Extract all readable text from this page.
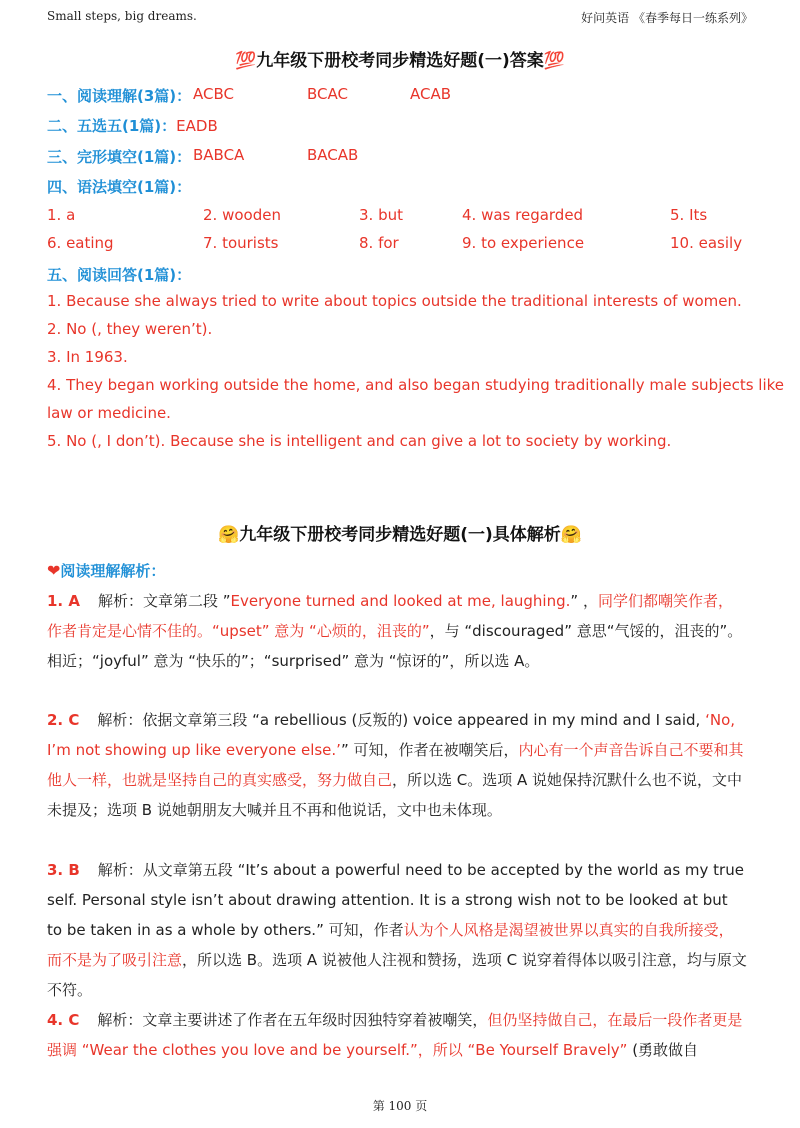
Small steps, big dreams.	好问英语 《春季每日一练系列》
💯九年级下册校考同步精选好题(一)答案💯
一、阅读理解(3篇)： ACBC	BCAC	ACAB
二、五选五(1篇)：EADB
三、完形填空(1篇)： BABCA	BACAB
四、语法填空(1篇)：
1. a	2. wooden	3. but	4. was regarded	5. Its
6. eating	7. tourists	8. for	9. to experience	10. easily
五、阅读回答(1篇)：
1. Because she always tried to write about topics outside the traditional interests of women.
2. No (, they weren’t).
3. In 1963.
4. They began working outside the home, and also began studying traditionally male subjects like
law or medicine.
5. No (, I don’t). Because she is intelligent and can give a lot to society by working.
🤗九年级下册校考同步精选好题(一)具体解析🤗
❤阅读理解解析：
1. A 解析：文章第二段 ”Everyone turned and looked at me, laughing.” ，同学们都嘲笑作者，作者肯定是心情不佳的。“upset” 意为 “心烦的，沮丧的”，与 “discouraged” 意思“气馁的，沮丧的”。相近；“joyful” 意为 “快乐的”；“surprised” 意为 “惊讶的”，所以选 A。
2. C 解析：依据文章第三段 “a rebellious (反叛的) voice appeared in my mind and I said, ‘No, I’m not showing up like everyone else.’” 可知，作者在被嘲笑后，内心有一个声音告诉自己不要和其他人一样，也就是坚持自己的真实感受，努力做自己，所以选 C。选项 A 说她保持沉默什么也不说，文中未提及；选项 B 说她朝朋友大喊并且不再和他说话，文中也未体现。
3. B 解析：从文章第五段 “It’s about a powerful need to be accepted by the world as my true self. Personal style isn’t about drawing attention. It is a strong wish not to be looked at but to be taken in as a whole by others.” 可知，作者认为个人风格是渴望被世界以真实的自我所接受，而不是为了吸引注意，所以选 B。选项 A 说被他人注视和赞扬，选项 C 说穿着得体以吸引注意，均与原文不符。
4. C 解析：文章主要讲述了作者在五年级时因独特穿着被嘲笑，但仍坚持做自己，在最后一段作者更是强调 “Wear the clothes you love and be yourself.”，所以 “Be Yourself Bravely” (勇敢做自
第 100 页
